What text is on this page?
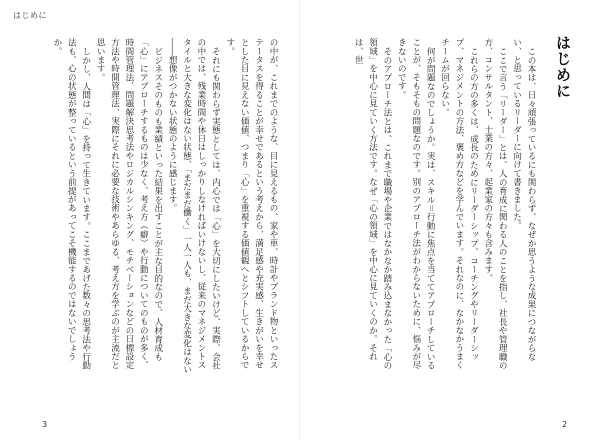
はじめに

の中が、これまでのような、目に見えるもの、家や車、時計やブランド物といったステータスを得ることが幸せであるという考えから、満足感や充実感、生きがいを幸せとした目に見えない価値、つまり「心」を重視する価値観へとシフトしているからです。

それにも関わらず実態としては、内心では「心」を大切にしたいけど、実際、会社の中では、残業時間や休日はしっかりしなければいけないし、従来のマネジメントスタイルと大きな変化はない状態、「まだまだ働く」一人一人も、まだ大きな変化はない――想像がつかない状態のように感じます。

ビジネスそのものも業績といった結果を出すことが主な目的なので、人材育成も「心」にアプローチするものは少なく、考え方（癖）や行動についてのものが多く、時間管理法、問題解決思考法やロジカルシンキング、モチベーションなどの日標設定方法や時間管理法、実際にそれに必要な技術やあらゆる、考え方を学ぶのが主流だと思います。

しかし、人間は「心」を持って生きています。ここまであげた数々の思考法や行動法も、心の状態が整っているという前提があってこそ機能するのではないでしょうか。

3
はじめに

この本は、日々頑張っているにも関わらず、なぜか思うような成果につながらない、と思っているリーダーに向けて書きました。

ここで言う「リーダー」とは、人の育成に関わる人のことを指し、社長や管理職の方、コンサルタント、士業の方々、起業家の方々も含みます。

これらの方の多くは、成長のためにリーダーシップ、コーチングやリーダーシップ、マネジメントの方法、褒め方などを学んでいます。それなのに、なかなかうまくチームが回らない。

何が問題なのでしょうか。実は、スキル＝行動に焦点を当ててアプローチしていることが、そもそもの問題なのです。別のアプローチ法がわからないために、悩みが尽きないのです。

そのアプローチ法とは、これまで職場や企業ではなかなか踏み込まなかった「心の領域」を中心に見ていく方法です。なぜ「心の領域」を中心に見ていくのか。それは、世

2
